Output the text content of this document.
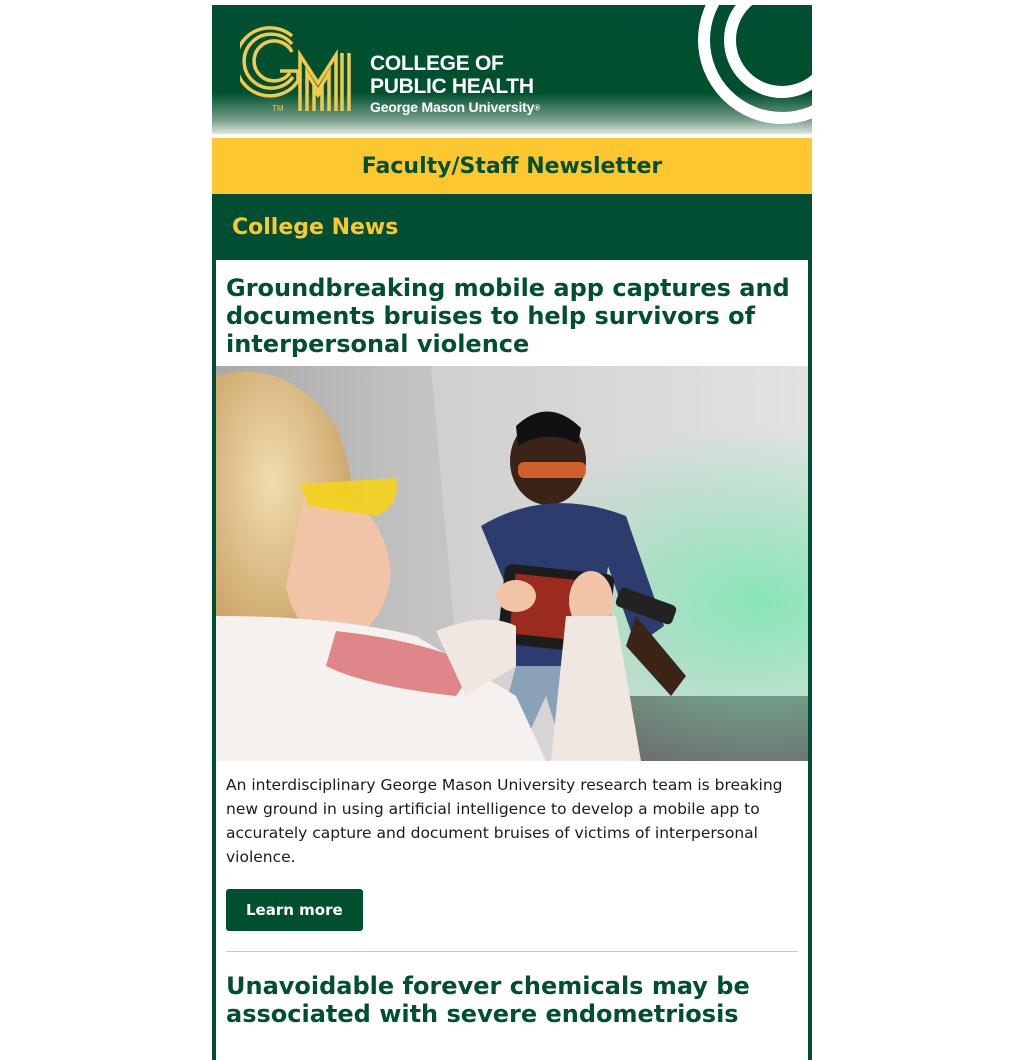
TM
COLLEGE OF
PUBLIC HEALTH
George Mason University®
Faculty/Staff Newsletter
College News
Groundbreaking mobile app captures and documents bruises to help survivors of interpersonal violence

An interdisciplinary George Mason University research team is breaking new ground in using artificial intelligence to develop a mobile app to accurately capture and document bruises of victims of interpersonal violence.

Learn more
Unavoidable forever chemicals may be associated with severe endometriosis
